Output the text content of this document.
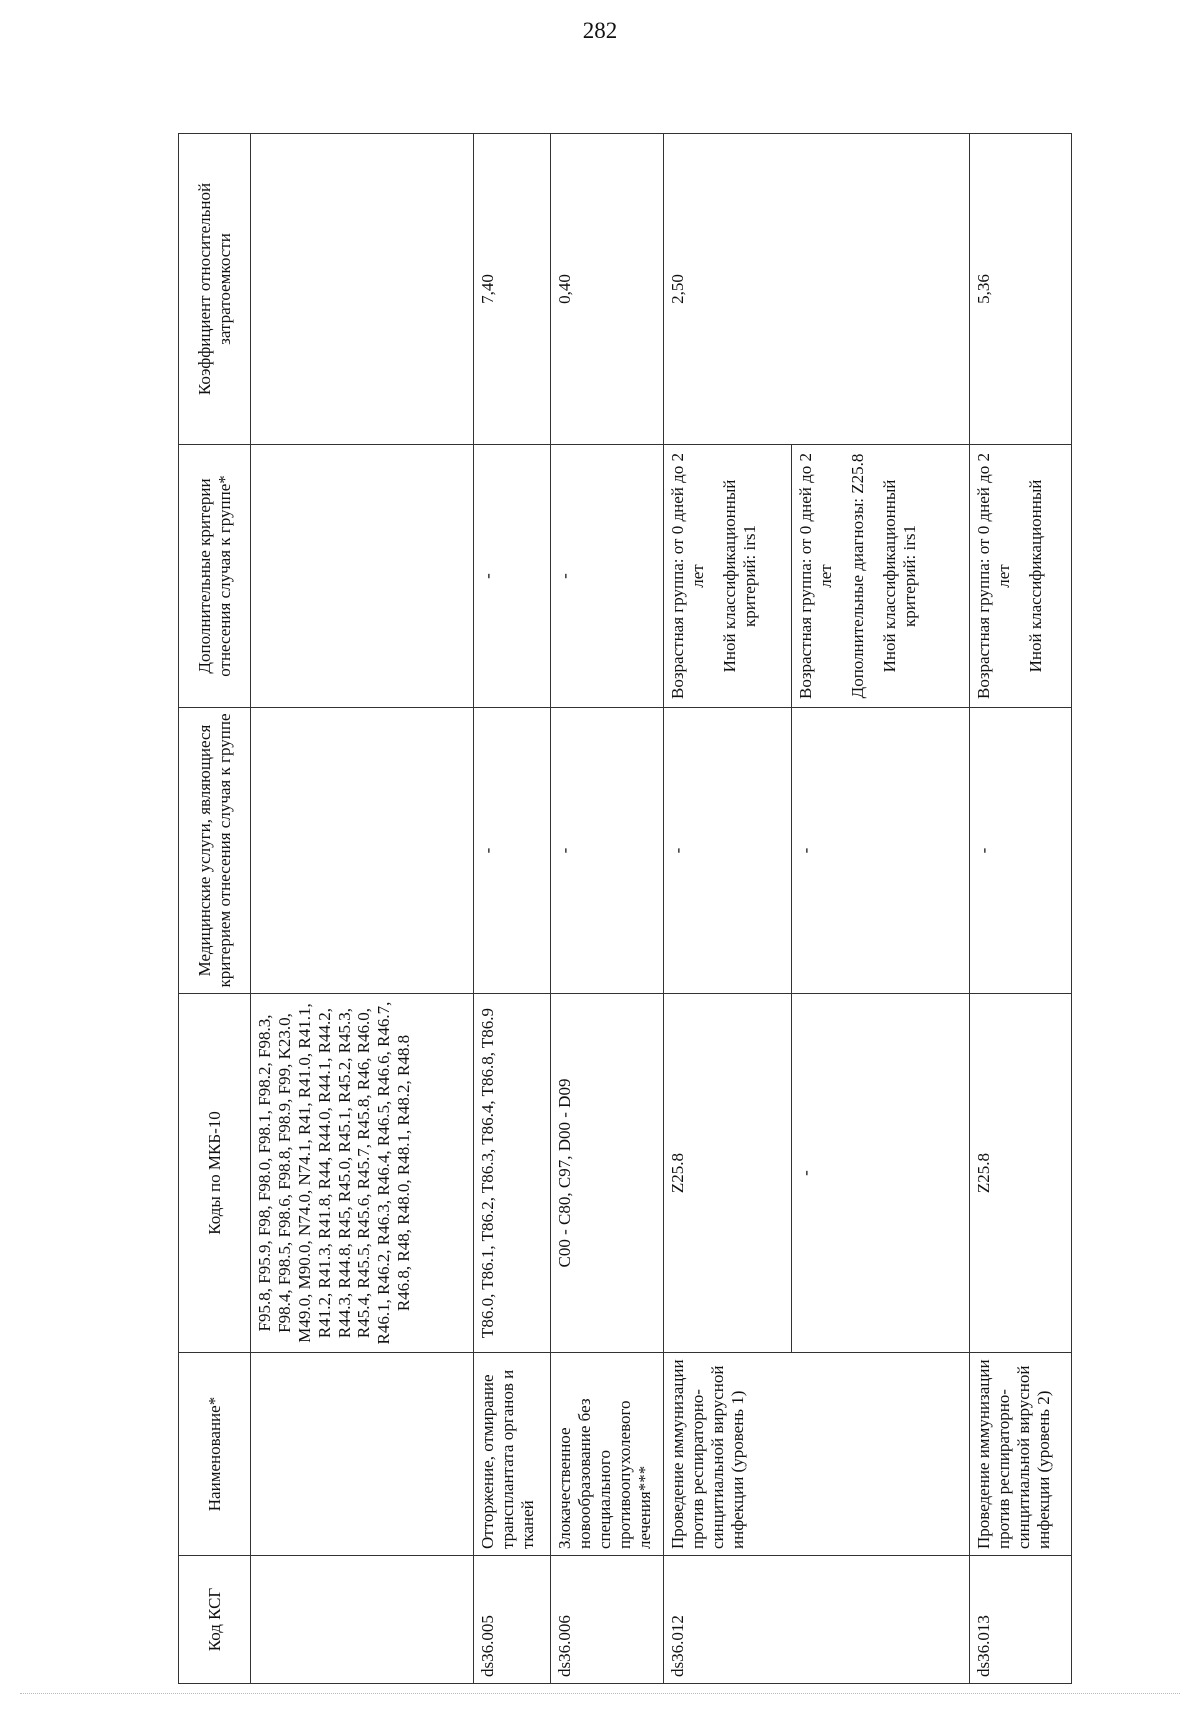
282
Код КСГ	Наименование*	Коды по МКБ-10	Медицинские услуги, являющиеся критерием отнесения случая к группе	Дополнительные критерии отнесения случая к группе*	Коэффициент относительной затратоемкости
		F95.8, F95.9, F98, F98.0, F98.1, F98.2, F98.3, F98.4, F98.5, F98.6, F98.8, F98.9, F99, K23.0, M49.0, M90.0, N74.0, N74.1, R41, R41.0, R41.1, R41.2, R41.3, R41.8, R44, R44.0, R44.1, R44.2, R44.3, R44.8, R45, R45.0, R45.1, R45.2, R45.3, R45.4, R45.5, R45.6, R45.7, R45.8, R46, R46.0, R46.1, R46.2, R46.3, R46.4, R46.5, R46.6, R46.7, R46.8, R48, R48.0, R48.1, R48.2, R48.8			
ds36.005	Отторжение, отмирание трансплантата органов и тканей	T86.0, T86.1, T86.2, T86.3, T86.4, T86.8, T86.9	-	-	7,40
ds36.006	Злокачественное новообразование без специального противоопухолевого лечения***	C00 - C80, C97, D00 - D09	-	-	0,40
ds36.012	Проведение иммунизации против респираторно-синцитиальной вирусной инфекции (уровень 1)	Z25.8	-	Возрастная группа: от 0 дней до 2 лет Иной классификационный критерий: irs1	2,50
		-	-	Возрастная группа: от 0 дней до 2 лет Дополнительные диагнозы: Z25.8 Иной классификационный критерий: irs1	

ds36.013	Проведение иммунизации против респираторно-синцитиальной вирусной инфекции (уровень 2)	Z25.8	-	Возрастная группа: от 0 дней до 2 лет Иной классификационный	5,36
